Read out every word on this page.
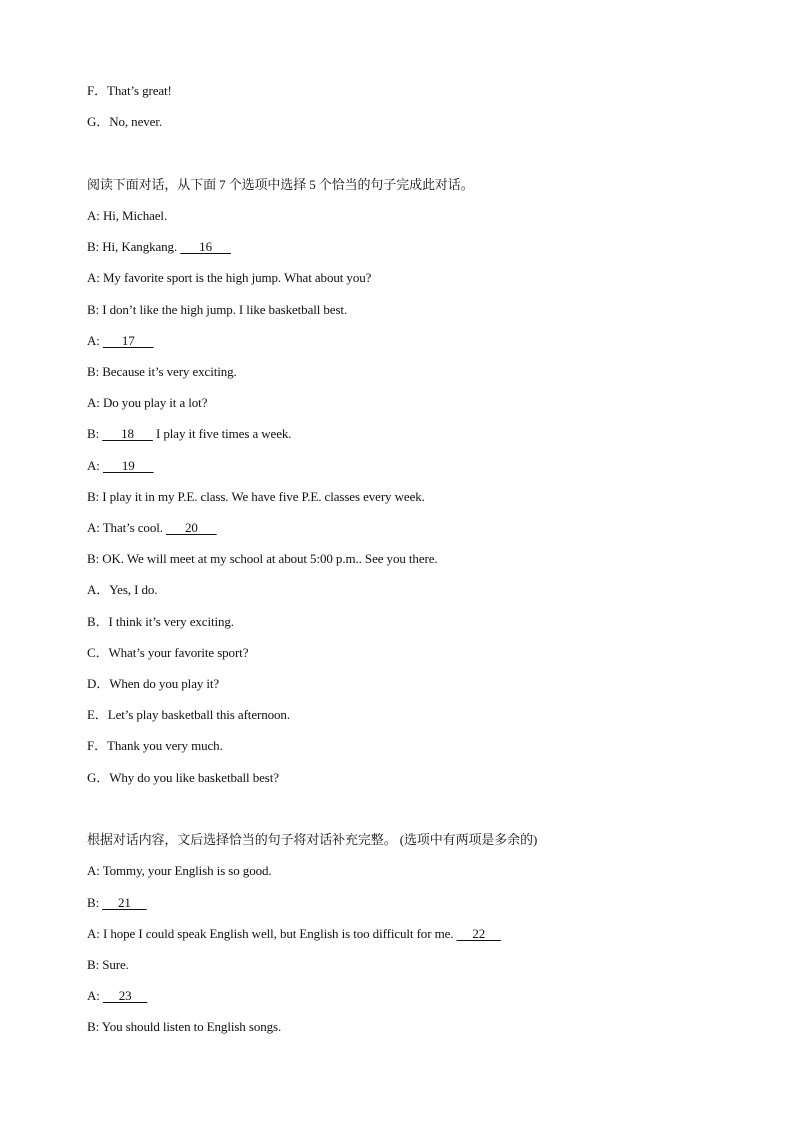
F．That’s great!
G．No, never.
阅读下面对话，从下面 7 个选项中选择 5 个恰当的句子完成此对话。
A: Hi, Michael.
B: Hi, Kangkang.       16
A: My favorite sport is the high jump. What about you?
B: I don’t like the high jump. I like basketball best.
A:       17
B: Because it’s very exciting.
A: Do you play it a lot?
B:       18       I play it five times a week.
A:       19
B: I play it in my P.E. class. We have five P.E. classes every week.
A: That’s cool.       20
B: OK. We will meet at my school at about 5:00 p.m.. See you there.
A．Yes, I do.
B．I think it’s very exciting.
C．What’s your favorite sport?
D．When do you play it?
E．Let’s play basketball this afternoon.
F．Thank you very much.
G．Why do you like basketball best?
根据对话内容，文后选择恰当的句子将对话补充完整。 (选项中有两项是多余的)
A: Tommy, your English is so good.
B:      21
A: I hope I could speak English well, but English is too difficult for me.      22
B: Sure.
A:      23
B: You should listen to English songs.
